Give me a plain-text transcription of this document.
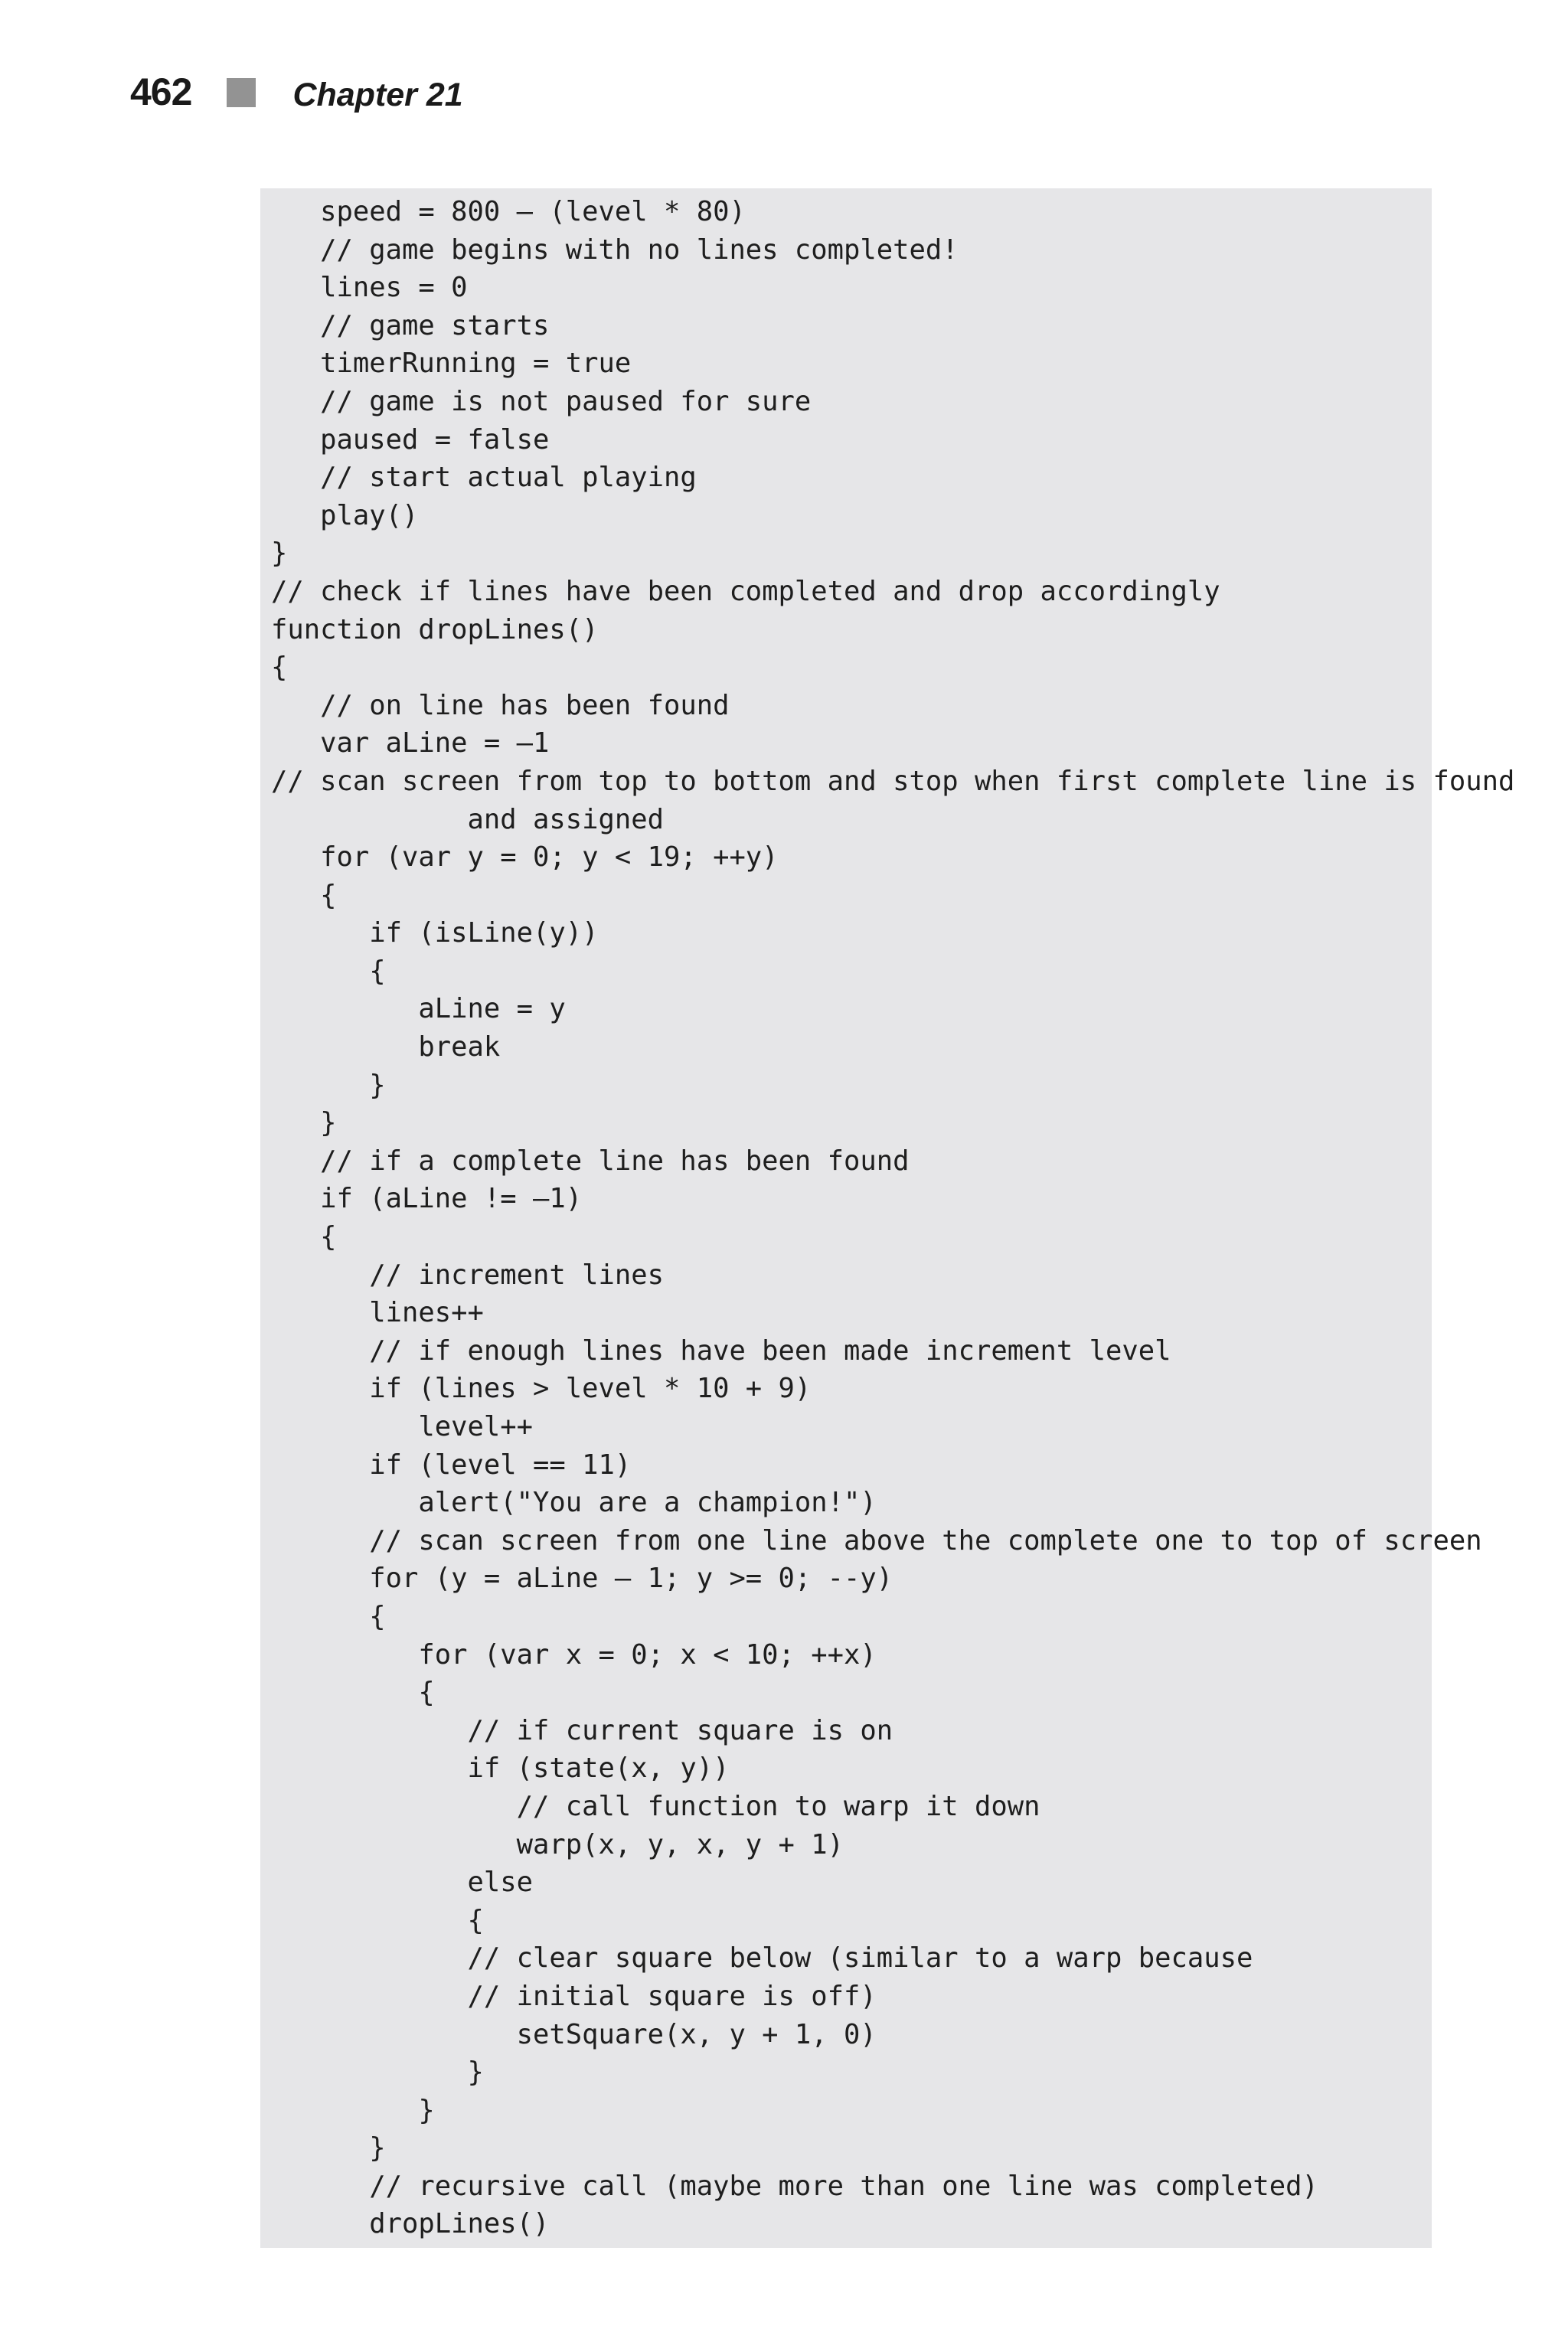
462	Chapter 21
speed = 800 – (level * 80)
// game begins with no lines completed!
lines = 0
// game starts
timerRunning = true
// game is not paused for sure
paused = false
// start actual playing
play()
}
// check if lines have been completed and drop accordingly
function dropLines()
{
// on line has been found
var aLine = –1
// scan screen from top to bottom and stop when first complete line is found
and assigned
for (var y = 0; y < 19; ++y)
{
if (isLine(y))
{
aLine = y
break
}
}
// if a complete line has been found
if (aLine != –1)
{
// increment lines
lines++
// if enough lines have been made increment level
if (lines > level * 10 + 9)
level++
if (level == 11)
alert("You are a champion!")
// scan screen from one line above the complete one to top of screen
for (y = aLine – 1; y >= 0; --y)
{
for (var x = 0; x < 10; ++x)
{
// if current square is on
if (state(x, y))
// call function to warp it down
warp(x, y, x, y + 1)
else
{
// clear square below (similar to a warp because
// initial square is off)
setSquare(x, y + 1, 0)
}
}
}
// recursive call (maybe more than one line was completed)
dropLines()
